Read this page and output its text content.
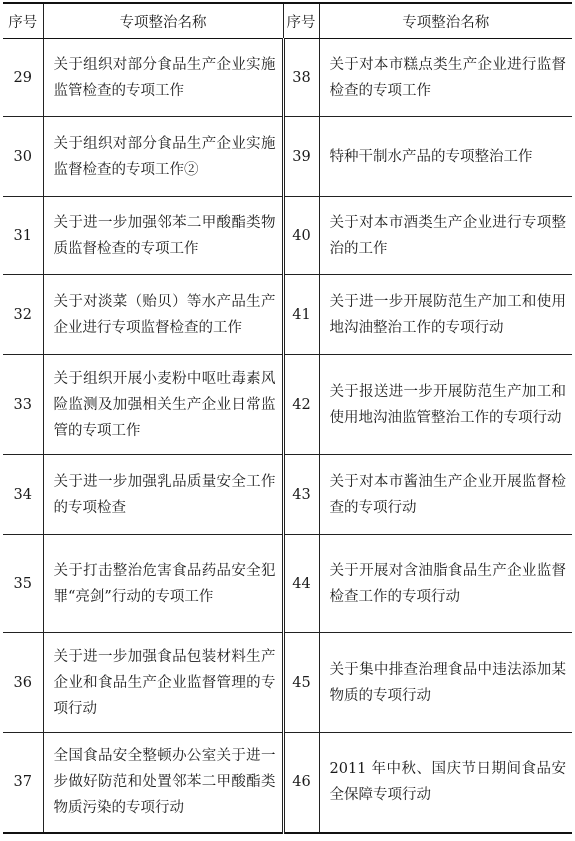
序号	专项整治名称	序号	专项整治名称
29	关于组织对部分食品生产企业实施监管检查的专项工作	38	关于对本市糕点类生产企业进行监督检查的专项工作
30	关于组织对部分食品生产企业实施监督检查的专项工作②	39	特种干制水产品的专项整治工作
31	关于进一步加强邻苯二甲酸酯类物质监督检查的专项工作	40	关于对本市酒类生产企业进行专项整治的工作
32	关于对淡菜（贻贝）等水产品生产企业进行专项监督检查的工作	41	关于进一步开展防范生产加工和使用地沟油整治工作的专项行动
33	关于组织开展小麦粉中呕吐毒素风险监测及加强相关生产企业日常监管的专项工作	42	关于报送进一步开展防范生产加工和使用地沟油监管整治工作的专项行动
34	关于进一步加强乳品质量安全工作的专项检查	43	关于对本市酱油生产企业开展监督检查的专项行动
35	关于打击整治危害食品药品安全犯罪“亮剑”行动的专项工作	44	关于开展对含油脂食品生产企业监督检查工作的专项行动
36	关于进一步加强食品包装材料生产企业和食品生产企业监督管理的专项行动	45	关于集中排查治理食品中违法添加某物质的专项行动
37	全国食品安全整顿办公室关于进一步做好防范和处置邻苯二甲酸酯类物质污染的专项行动	46	2011 年中秋、国庆节日期间食品安全保障专项行动
